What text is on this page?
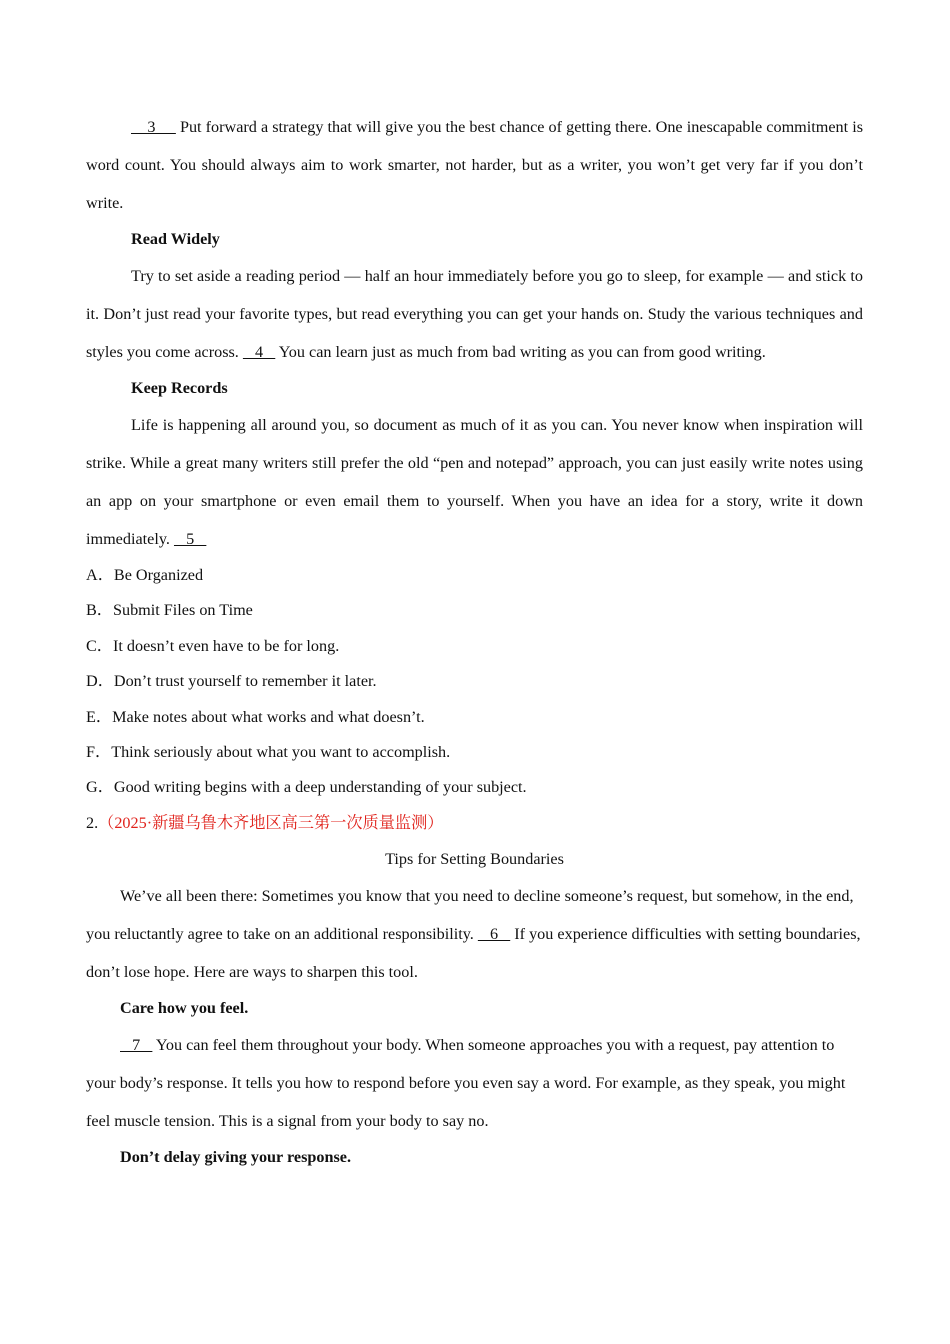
3      Put forward a strategy that will give you the best chance of getting there. One inescapable commitment is word count. You should always aim to work smarter, not harder, but as a writer, you won’t get very far if you don’t write.

Read Widely

Try to set aside a reading period — half an hour immediately before you go to sleep, for example — and stick to it. Don’t just read your favorite types, but read everything you can get your hands on. Study the various techniques and styles you come across.    4    You can learn just as much from bad writing as you can from good writing.

Keep Records

Life is happening all around you, so document as much of it as you can. You never know when inspiration will strike. While a great many writers still prefer the old “pen and notepad” approach, you can just easily write notes using an app on your smartphone or even email them to yourself. When you have an idea for a story, write it down immediately.    5

A．Be Organized

B．Submit Files on Time

C．It doesn’t even have to be for long.

D．Don’t trust yourself to remember it later.

E．Make notes about what works and what doesn’t.

F．Think seriously about what you want to accomplish.

G．Good writing begins with a deep understanding of your subject.

2.（2025·新疆乌鲁木齐地区高三第一次质量监测）

Tips for Setting Boundaries

We’ve all been there: Sometimes you know that you need to decline someone’s request, but somehow, in the end, you reluctantly agree to take on an additional responsibility.    6    If you experience difficulties with setting boundaries, don’t lose hope. Here are ways to sharpen this tool.

Care how you feel.

7    You can feel them throughout your body. When someone approaches you with a request, pay attention to your body’s response. It tells you how to respond before you even say a word. For example, as they speak, you might feel muscle tension. This is a signal from your body to say no.

Don’t delay giving your response.
